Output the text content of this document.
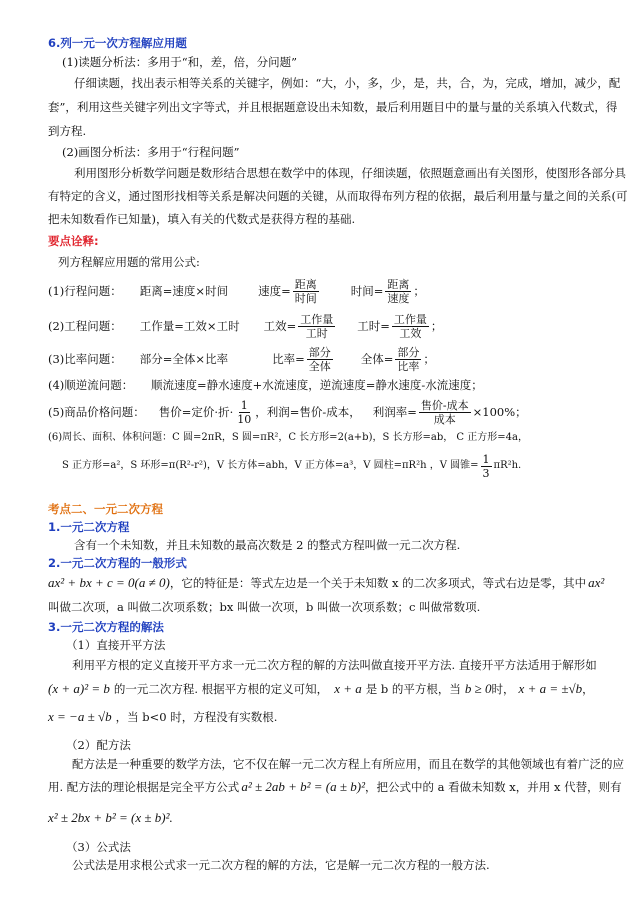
6.列一元一次方程解应用题
(1)读题分析法：多用于“和，差，倍，分问题”
仔细读题，找出表示相等关系的关键字，例如：“大，小，多，少，是，共，合，为，完成，增加，减少，配
套”，利用这些关键字列出文字等式，并且根据题意设出未知数，最后利用题目中的量与量的关系填入代数式，得
到方程.
(2)画图分析法：多用于“行程问题”
利用图形分析数学问题是数形结合思想在数学中的体现，仔细读题，依照题意画出有关图形，使图形各部分具
有特定的含义，通过图形找相等关系是解决问题的关键，从而取得布列方程的依据，最后利用量与量之间的关系(可
把未知数看作已知量)，填入有关的代数式是获得方程的基础.
要点诠释:
列方程解应用题的常用公式:
(1)行程问题： 距离=速度×时间	速度= $\frac{\text{距离}}{\text{时间}}$	时间= $\frac{\text{距离}}{\text{速度}}$ ；
(2)工程问题： 工作量=工效×工时 工效= $\frac{\text{工作量}}{\text{工时}}$ 工时= $\frac{\text{工作量}}{\text{工效}}$ ；
(3)比率问题： 部分=全体×比率	比率= $\frac{\text{部分}}{\text{全体}}$ 全体= $\frac{\text{部分}}{\text{比率}}$ ；
(4)顺逆流问题： 顺流速度=静水速度+水流速度，逆流速度=静水速度-水流速度；
(5)商品价格问题： 售价=定价·折· $\frac{1}{10}$ ，利润=售价-成本， 利润率= $\frac{\text{售价-成本}}{\text{成本}} \times 100\%$；
(6)周长、面积、体积问题：C 圆=2πR，S 圆=πR²，C 长方形=2(a+b)，S 长方形=ab， C 正方形=4a，
S 正方形=a²，S 环形=π(R²-r²)，V 长方体=abh，V 正方体=a³，V 圆柱=πR²h ，V 圆锥= $\frac{1}{3} \pi R^2h$.
考点二、一元二次方程
1.一元二次方程
含有一个未知数，并且未知数的最高次数是 2 的整式方程叫做一元二次方程.
2.一元二次方程的一般形式
ax² + bx + c = 0(a ≠ 0) ，它的特征是：等式左边是一个关于未知数 x 的二次多项式，等式右边是零，其中 ax²
叫做二次项，a 叫做二次项系数；bx 叫做一次项，b 叫做一次项系数；c 叫做常数项.
3.一元二次方程的解法
（1）直接开平方法
利用平方根的定义直接开平方求一元二次方程的解的方法叫做直接开平方法. 直接开平方法适用于解形如
(x + a)² = b 的一元二次方程. 根据平方根的定义可知， x + a 是 b 的平方根，当 b ≥ 0 时， x + a = ±√b ，
x = −a ± √b ，当 b<0 时，方程没有实数根.
（2）配方法
配方法是一种重要的数学方法，它不仅在解一元二次方程上有所应用，而且在数学的其他领域也有着广泛的应
用. 配方法的理论根据是完全平方公式 a² ± 2ab + b² = (a ± b)² ，把公式中的 a 看做未知数 x，并用 x 代替，则有
x² ± 2bx + b² = (x ± b)².
（3）公式法
公式法是用求根公式求一元二次方程的解的方法，它是解一元二次方程的一般方法.
